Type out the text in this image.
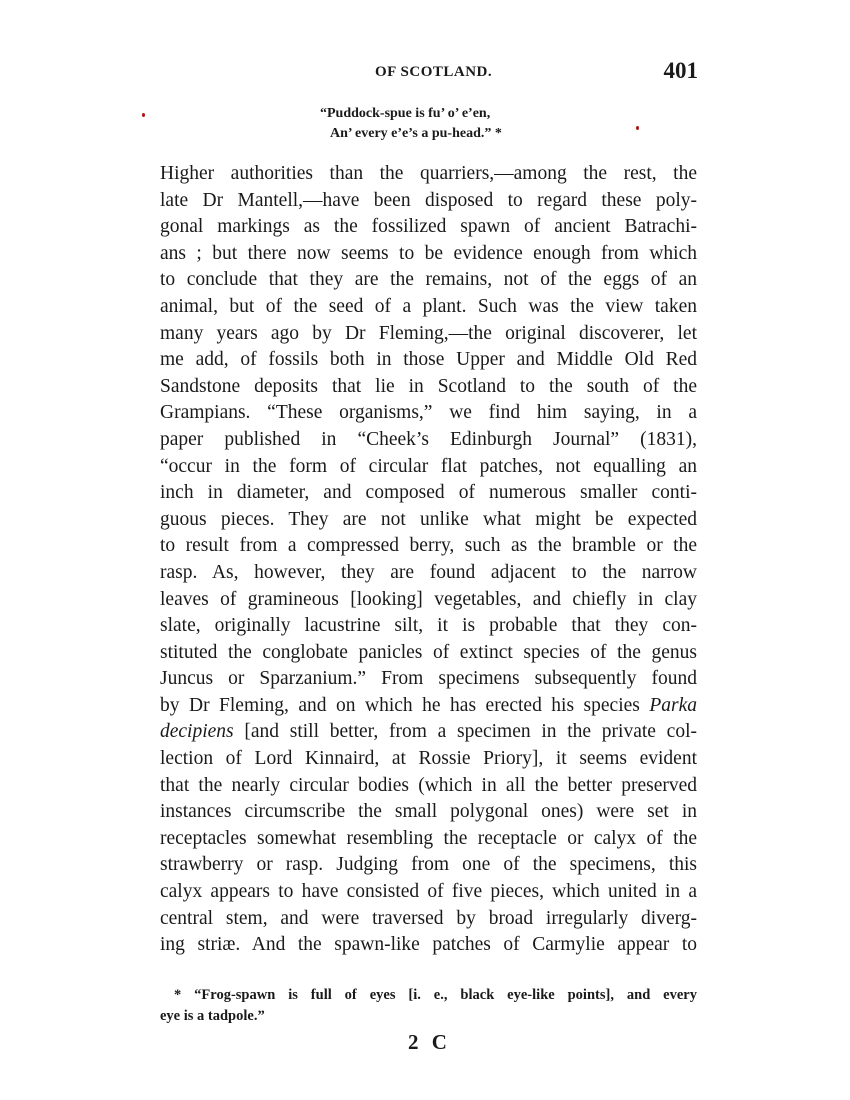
OF SCOTLAND.	401
“Puddock-spue is fu’ o’ e’en,
An’ every e’e’s a pu-head.” *
Higher authorities than the quarriers,—among the rest, the
late Dr Mantell,—have been disposed to regard these poly-
gonal markings as the fossilized spawn of ancient Batrachi-
ans ; but there now seems to be evidence enough from which
to conclude that they are the remains, not of the eggs of an
animal, but of the seed of a plant. Such was the view taken
many years ago by Dr Fleming,—the original discoverer, let
me add, of fossils both in those Upper and Middle Old Red
Sandstone deposits that lie in Scotland to the south of the
Grampians. “These organisms,” we find him saying, in a
paper published in “Cheek’s Edinburgh Journal” (1831),
“occur in the form of circular flat patches, not equalling an
inch in diameter, and composed of numerous smaller conti-
guous pieces. They are not unlike what might be expected
to result from a compressed berry, such as the bramble or the
rasp. As, however, they are found adjacent to the narrow
leaves of gramineous [looking] vegetables, and chiefly in clay
slate, originally lacustrine silt, it is probable that they con-
stituted the conglobate panicles of extinct species of the genus
Juncus or Sparzanium.” From specimens subsequently found
by Dr Fleming, and on which he has erected his species Parka
decipiens [and still better, from a specimen in the private col-
lection of Lord Kinnaird, at Rossie Priory], it seems evident
that the nearly circular bodies (which in all the better preserved
instances circumscribe the small polygonal ones) were set in
receptacles somewhat resembling the receptacle or calyx of the
strawberry or rasp. Judging from one of the specimens, this
calyx appears to have consisted of five pieces, which united in a
central stem, and were traversed by broad irregularly diverg-
ing striæ. And the spawn-like patches of Carmylie appear to
* “Frog-spawn is full of eyes [i. e., black eye-like points], and every
eye is a tadpole.”
2 C
